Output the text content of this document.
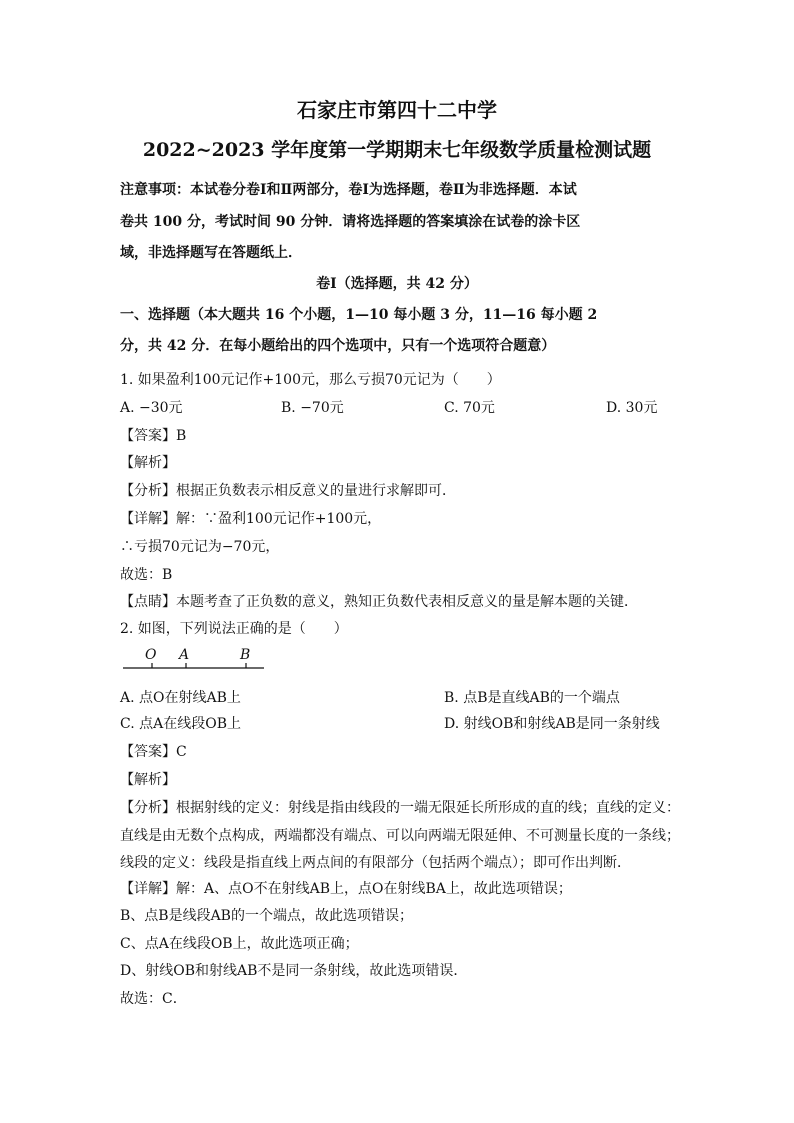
石家庄市第四十二中学
2022~2023 学年度第一学期期末七年级数学质量检测试题
注意事项：本试卷分卷Ⅰ和Ⅱ两部分，卷Ⅰ为选择题，卷Ⅱ为非选择题．本试
卷共 100 分，考试时间 90 分钟．请将选择题的答案填涂在试卷的涂卡区
域，非选择题写在答题纸上．
卷Ⅰ（选择题，共 42 分）
一、选择题（本大题共 16 个小题，1—10 每小题 3 分，11—16 每小题 2
分，共 42 分．在每小题给出的四个选项中，只有一个选项符合题意）
1. 如果盈利100元记作+100元，那么亏损70元记为（　　）
A. −30元	B. −70元	C. 70元	D. 30元
【答案】B
【解析】
【分析】根据正负数表示相反意义的量进行求解即可．
【详解】解：∵盈利100元记作+100元，
∴亏损70元记为−70元，
故选：B
【点睛】本题考查了正负数的意义，熟知正负数代表相反意义的量是解本题的关键．
2. 如图，下列说法正确的是（　　）
O A	B
A. 点O在射线AB上	B. 点B是直线AB的一个端点
C. 点A在线段OB上	D. 射线OB和射线AB是同一条射线
【答案】C
【解析】
【分析】根据射线的定义：射线是指由线段的一端无限延长所形成的直的线；直线的定义：
直线是由无数个点构成，两端都没有端点、可以向两端无限延伸、不可测量长度的一条线；
线段的定义：线段是指直线上两点间的有限部分（包括两个端点）；即可作出判断．
【详解】解：A、点O不在射线AB上，点O在射线BA上，故此选项错误；
B、点B是线段AB的一个端点，故此选项错误；
C、点A在线段OB上，故此选项正确；
D、射线OB和射线AB不是同一条射线，故此选项错误．
故选：C．
